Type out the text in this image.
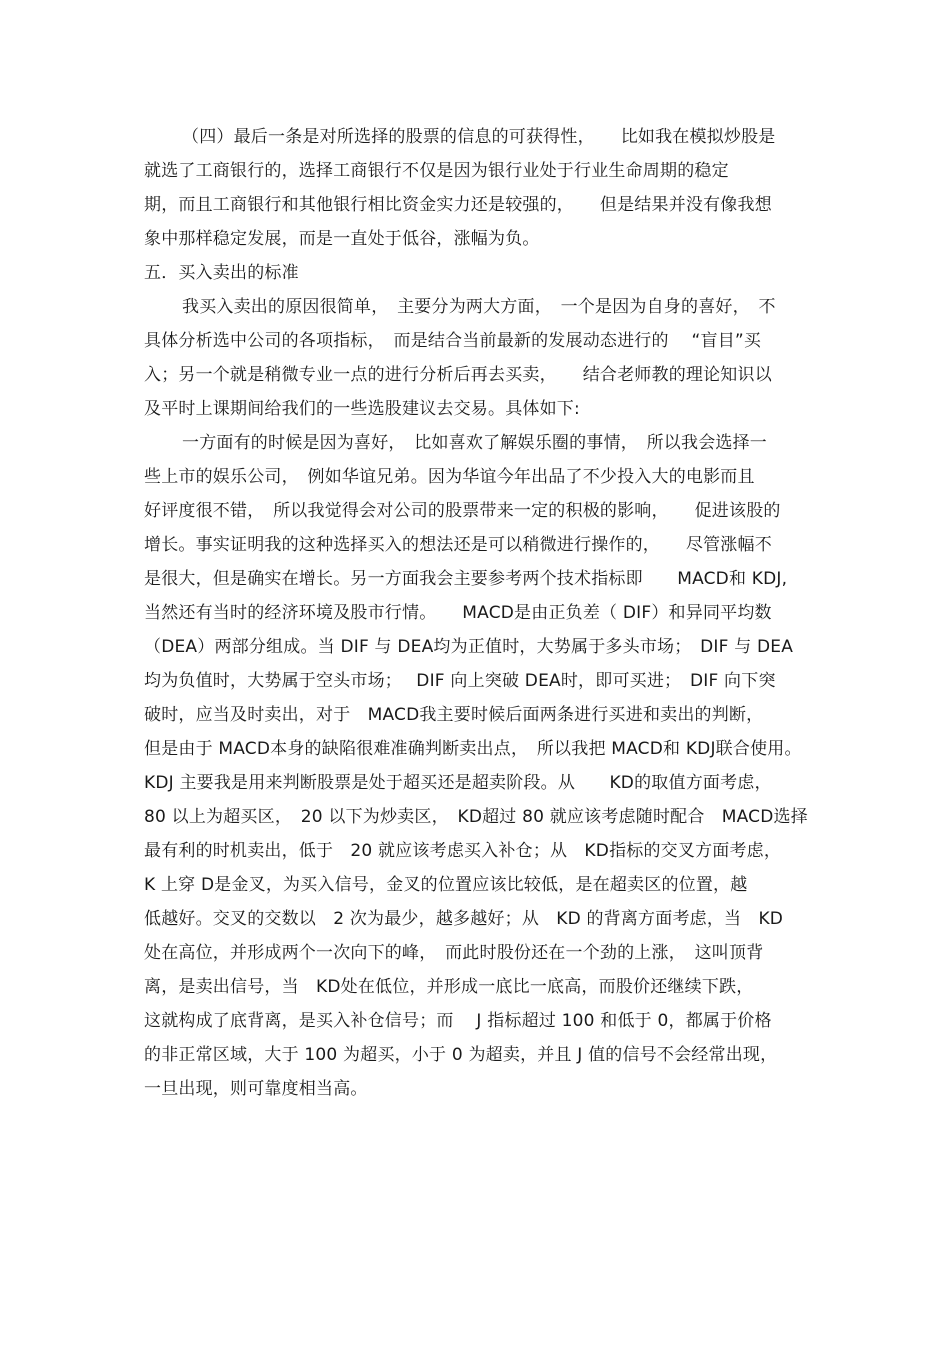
（四）最后一条是对所选择的股票的信息的可获得性，　　比如我在模拟炒股是
就选了工商银行的，选择工商银行不仅是因为银行业处于行业生命周期的稳定
期，而且工商银行和其他银行相比资金实力还是较强的，　　但是结果并没有像我想
象中那样稳定发展，而是一直处于低谷，涨幅为负。
五．买入卖出的标准
我买入卖出的原因很简单，　主要分为两大方面，　一个是因为自身的喜好，　不
具体分析选中公司的各项指标，　而是结合当前最新的发展动态进行的　 “盲目”买
入；另一个就是稍微专业一点的进行分析后再去买卖，　　结合老师教的理论知识以
及平时上课期间给我们的一些选股建议去交易。具体如下:
一方面有的时候是因为喜好，　比如喜欢了解娱乐圈的事情，　所以我会选择一
些上市的娱乐公司，　例如华谊兄弟。因为华谊今年出品了不少投入大的电影而且
好评度很不错，　所以我觉得会对公司的股票带来一定的积极的影响，　　促进该股的
增长。事实证明我的这种选择买入的想法还是可以稍微进行操作的，　　尽管涨幅不
是很大，但是确实在增长。另一方面我会主要参考两个技术指标即　　MACD和 KDJ,
当然还有当时的经济环境及股市行情。　　MACD是由正负差（ DIF）和异同平均数
（DEA）两部分组成。当 DIF 与 DEA均为正值时，大势属于多头市场；　DIF 与 DEA
均为负值时，大势属于空头市场；　 DIF 向上突破 DEA时，即可买进；　DIF 向下突
破时，应当及时卖出，对于　MACD我主要时候后面两条进行买进和卖出的判断，
但是由于 MACD本身的缺陷很难准确判断卖出点，　所以我把 MACD和 KDJ联合使用。
KDJ 主要我是用来判断股票是处于超买还是超卖阶段。从　　KD的取值方面考虑，
80 以上为超买区，　20 以下为炒卖区，　KD超过 80 就应该考虑随时配合　MACD选择
最有利的时机卖出，低于　20 就应该考虑买入补仓；从　KD指标的交叉方面考虑，
K 上穿 D是金叉，为买入信号，金叉的位置应该比较低，是在超卖区的位置，越
低越好。交叉的交数以　2 次为最少，越多越好；从　KD 的背离方面考虑，当　KD
处在高位，并形成两个一次向下的峰，　而此时股份还在一个劲的上涨，　这叫顶背
离，是卖出信号，当　KD处在低位，并形成一底比一底高，而股价还继续下跌，
这就构成了底背离，是买入补仓信号；而　 J 指标超过 100 和低于 0，都属于价格
的非正常区域，大于 100 为超买，小于 0 为超卖，并且 J 值的信号不会经常出现，
一旦出现，则可靠度相当高。
